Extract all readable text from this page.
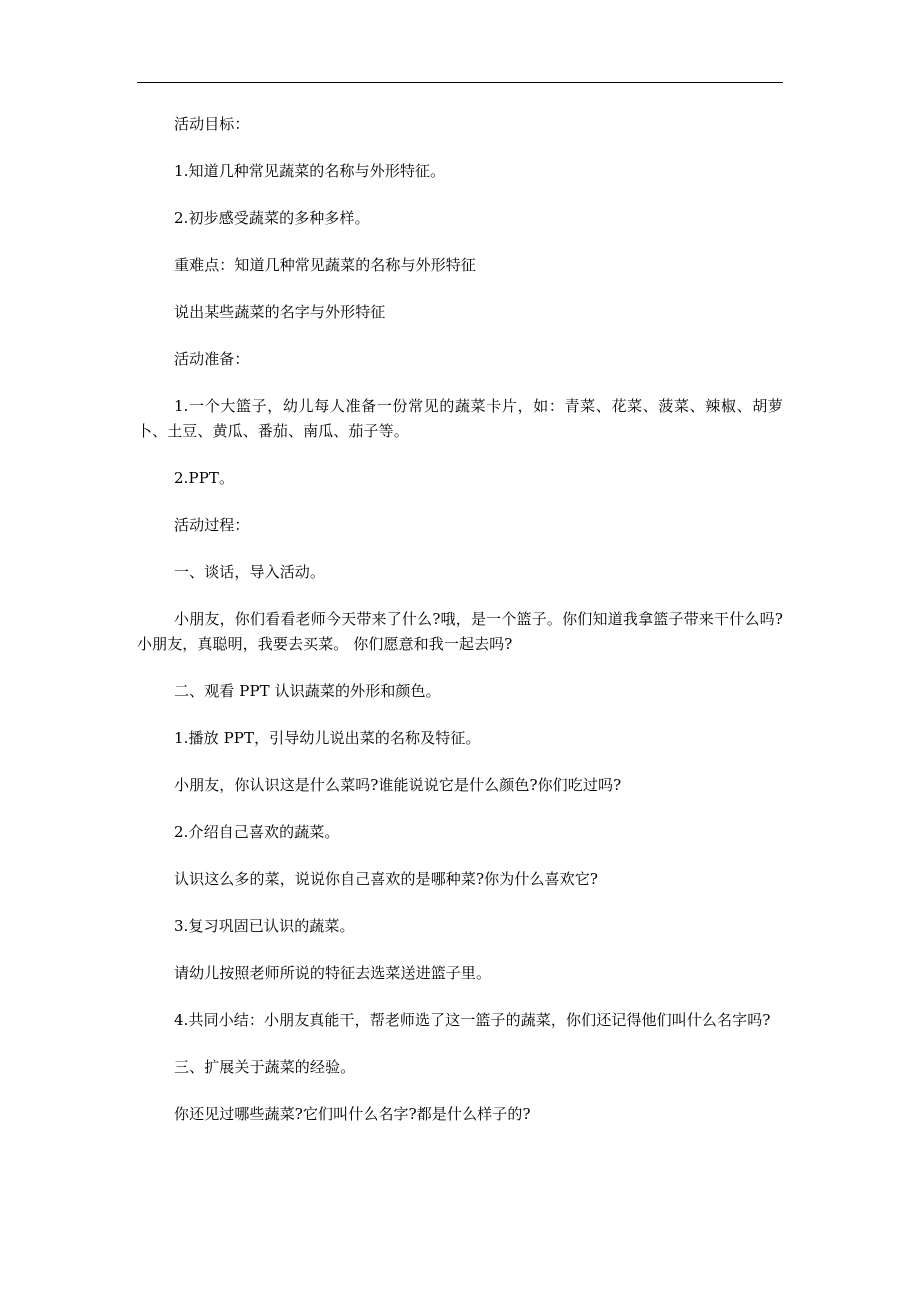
活动目标：

1.知道几种常见蔬菜的名称与外形特征。

2.初步感受蔬菜的多种多样。

重难点：知道几种常见蔬菜的名称与外形特征

说出某些蔬菜的名字与外形特征

活动准备：

1.一个大篮子，幼儿每人准备一份常见的蔬菜卡片，如：青菜、花菜、菠菜、辣椒、胡萝卜、土豆、黄瓜、番茄、南瓜、茄子等。

2.PPT。

活动过程：

一、谈话，导入活动。

小朋友，你们看看老师今天带来了什么?哦，是一个篮子。你们知道我拿篮子带来干什么吗?小朋友，真聪明，我要去买菜。 你们愿意和我一起去吗?

二、观看 PPT 认识蔬菜的外形和颜色。

1.播放 PPT，引导幼儿说出菜的名称及特征。

小朋友，你认识这是什么菜吗?谁能说说它是什么颜色?你们吃过吗?

2.介绍自己喜欢的蔬菜。

认识这么多的菜，说说你自己喜欢的是哪种菜?你为什么喜欢它?

3.复习巩固已认识的蔬菜。

请幼儿按照老师所说的特征去选菜送进篮子里。

4.共同小结：小朋友真能干，帮老师选了这一篮子的蔬菜，你们还记得他们叫什么名字吗?

三、扩展关于蔬菜的经验。

你还见过哪些蔬菜?它们叫什么名字?都是什么样子的?
